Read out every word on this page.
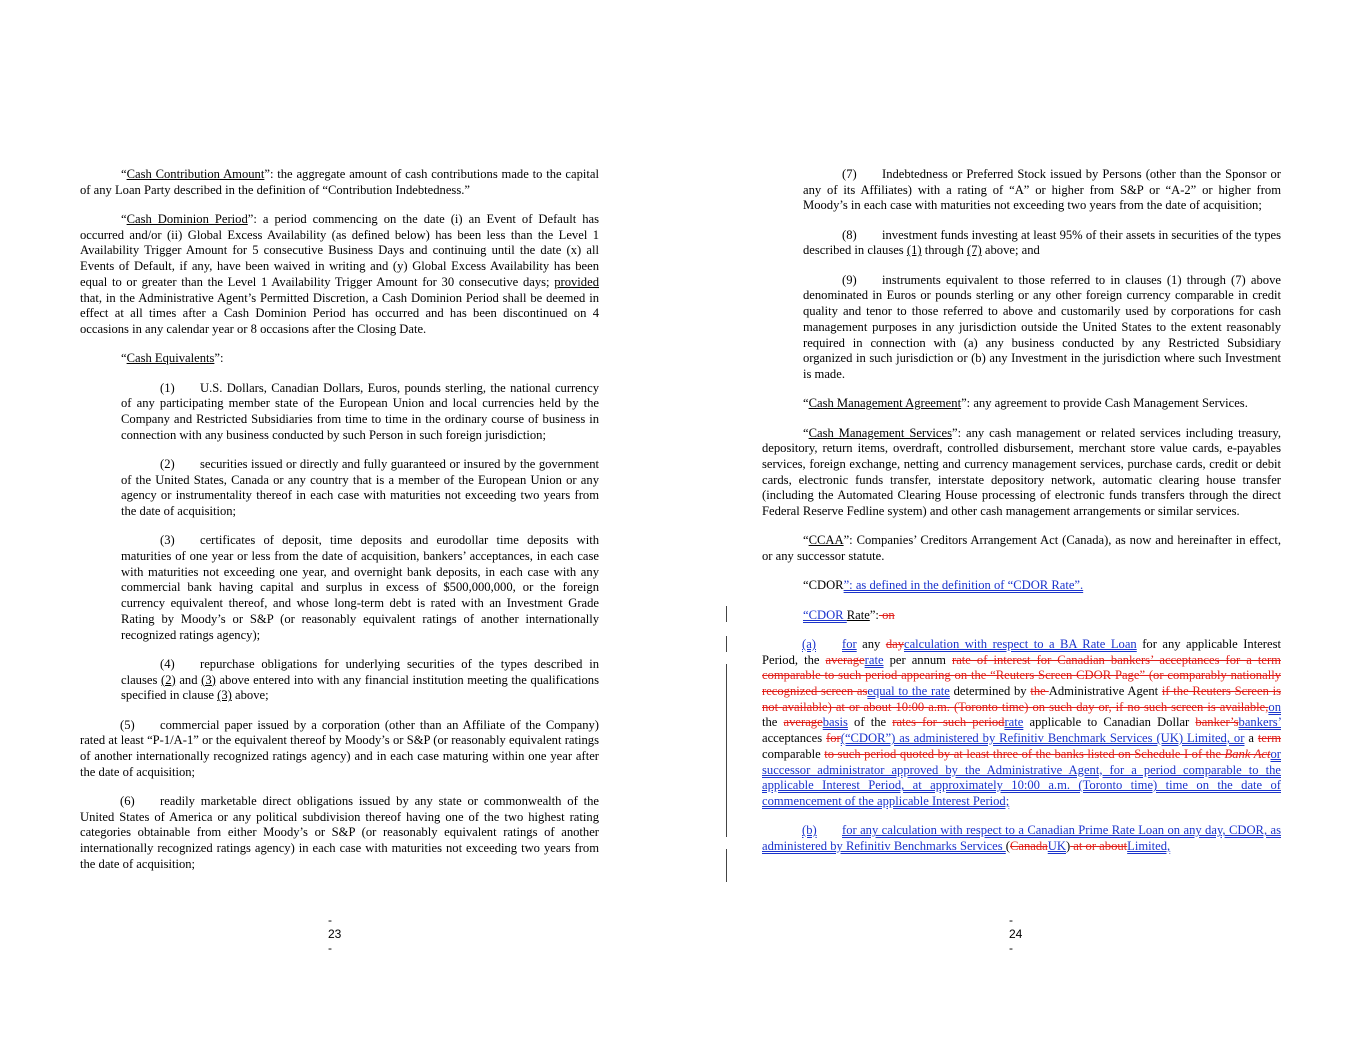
“Cash Contribution Amount”: the aggregate amount of cash contributions made to the capital of any Loan Party described in the definition of “Contribution Indebtedness.”

“Cash Dominion Period”: a period commencing on the date (i) an Event of Default has occurred and/or (ii) Global Excess Availability (as defined below) has been less than the Level 1 Availability Trigger Amount for 5 consecutive Business Days and continuing until the date (x) all Events of Default, if any, have been waived in writing and (y) Global Excess Availability has been equal to or greater than the Level 1 Availability Trigger Amount for 30 consecutive days; provided that, in the Administrative Agent’s Permitted Discretion, a Cash Dominion Period shall be deemed in effect at all times after a Cash Dominion Period has occurred and has been discontinued on 4 occasions in any calendar year or 8 occasions after the Closing Date.

“Cash Equivalents”:

(1) U.S. Dollars, Canadian Dollars, Euros, pounds sterling, the national currency of any participating member state of the European Union and local currencies held by the Company and Restricted Subsidiaries from time to time in the ordinary course of business in connection with any business conducted by such Person in such foreign jurisdiction;

(2) securities issued or directly and fully guaranteed or insured by the government of the United States, Canada or any country that is a member of the European Union or any agency or instrumentality thereof in each case with maturities not exceeding two years from the date of acquisition;

(3) certificates of deposit, time deposits and eurodollar time deposits with maturities of one year or less from the date of acquisition, bankers’ acceptances, in each case with maturities not exceeding one year, and overnight bank deposits, in each case with any commercial bank having capital and surplus in excess of $500,000,000, or the foreign currency equivalent thereof, and whose long-term debt is rated with an Investment Grade Rating by Moody’s or S&P (or reasonably equivalent ratings of another internationally recognized ratings agency);

(4) repurchase obligations for underlying securities of the types described in clauses (2) and (3) above entered into with any financial institution meeting the qualifications specified in clause (3) above;

(5) commercial paper issued by a corporation (other than an Affiliate of the Company) rated at least “P-1/A-1” or the equivalent thereof by Moody’s or S&P (or reasonably equivalent ratings of another internationally recognized ratings agency) and in each case maturing within one year after the date of acquisition;

(6) readily marketable direct obligations issued by any state or commonwealth of the United States of America or any political subdivision thereof having one of the two highest rating categories obtainable from either Moody’s or S&P (or reasonably equivalent ratings of another internationally recognized ratings agency) in each case with maturities not exceeding two years from the date of acquisition;

- 23 -

(7) Indebtedness or Preferred Stock issued by Persons (other than the Sponsor or any of its Affiliates) with a rating of “A” or higher from S&P or “A-2” or higher from Moody’s in each case with maturities not exceeding two years from the date of acquisition;

(8) investment funds investing at least 95% of their assets in securities of the types described in clauses (1) through (7) above; and

(9) instruments equivalent to those referred to in clauses (1) through (7) above denominated in Euros or pounds sterling or any other foreign currency comparable in credit quality and tenor to those referred to above and customarily used by corporations for cash management purposes in any jurisdiction outside the United States to the extent reasonably required in connection with (a) any business conducted by any Restricted Subsidiary organized in such jurisdiction or (b) any Investment in the jurisdiction where such Investment is made.

“Cash Management Agreement”: any agreement to provide Cash Management Services.

“Cash Management Services”: any cash management or related services including treasury, depository, return items, overdraft, controlled disbursement, merchant store value cards, e-payables services, foreign exchange, netting and currency management services, purchase cards, credit or debit cards, electronic funds transfer, interstate depository network, automatic clearing house transfer (including the Automated Clearing House processing of electronic funds transfers through the direct Federal Reserve Fedline system) and other cash management arrangements or similar services.

“CCAA”: Companies’ Creditors Arrangement Act (Canada), as now and hereinafter in effect, or any successor statute.

“CDOR”: as defined in the definition of “CDOR Rate”.

“CDOR Rate”: on

(a) for any daycalculation with respect to a BA Rate Loan for any applicable Interest Period, the averagerate per annum rate of interest for Canadian bankers’ acceptances for a term comparable to such period appearing on the “Reuters Screen CDOR Page” (or comparably nationally recognized screen asequal to the rate determined by the Administrative Agent if the Reuters Screen is not available) at or about 10:00 a.m. (Toronto time) on such day or, if no such screen is available,on the averagebasis of the rates for such periodrate applicable to Canadian Dollar banker’sbankers’ acceptances for(“CDOR”) as administered by Refinitiv Benchmark Services (UK) Limited, or a term comparable to such period quoted by at least three of the banks listed on Schedule I of the Bank Actor successor administrator approved by the Administrative Agent, for a period comparable to the applicable Interest Period, at approximately 10:00 a.m. (Toronto time) time on the date of commencement of the applicable Interest Period;

(b) for any calculation with respect to a Canadian Prime Rate Loan on any day, CDOR, as administered by Refinitiv Benchmarks Services (CanadaUK) at or aboutLimited,

- 24 -
